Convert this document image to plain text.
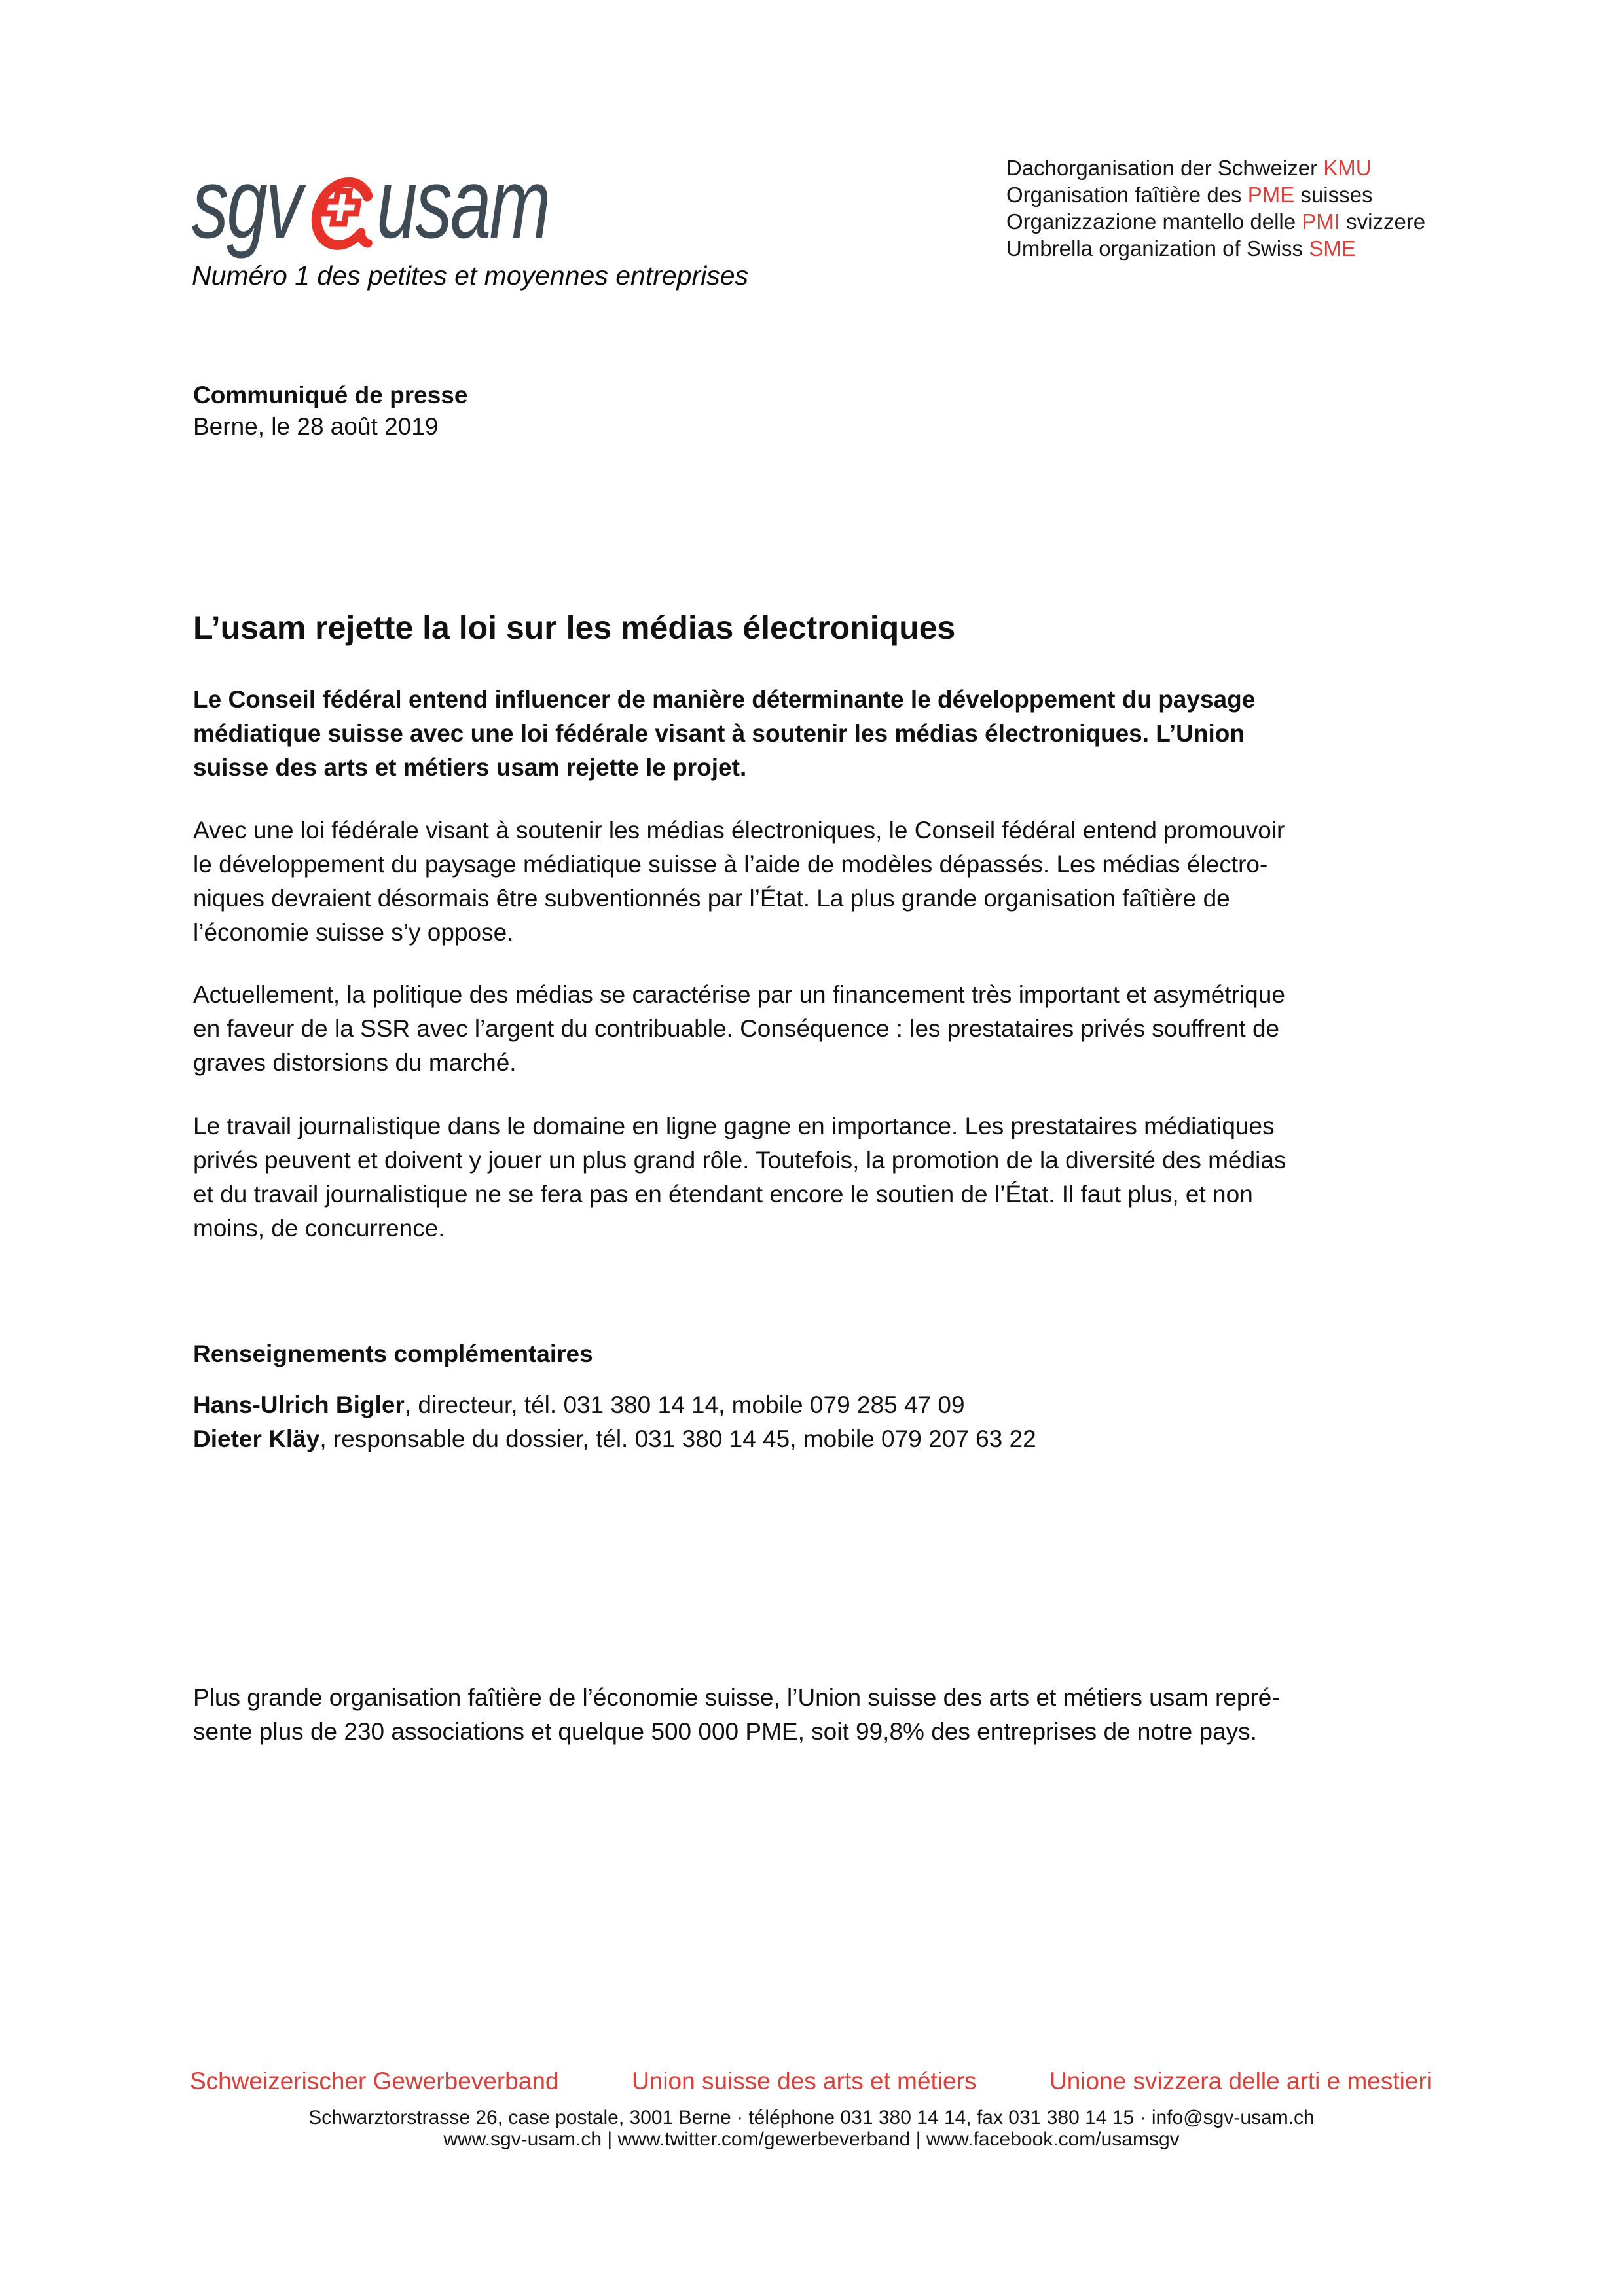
sgv usam
Numéro 1 des petites et moyennes entreprises
Dachorganisation der Schweizer KMU
Organisation faîtière des PME suisses
Organizzazione mantello delle PMI svizzere
Umbrella organization of Swiss SME
Communiqué de presse
Berne, le 28 août 2019
L’usam rejette la loi sur les médias électroniques
Le Conseil fédéral entend influencer de manière déterminante le développement du paysage
médiatique suisse avec une loi fédérale visant à soutenir les médias électroniques. L’Union
suisse des arts et métiers usam rejette le projet.
Avec une loi fédérale visant à soutenir les médias électroniques, le Conseil fédéral entend promouvoir
le développement du paysage médiatique suisse à l’aide de modèles dépassés. Les médias électro-
niques devraient désormais être subventionnés par l’État. La plus grande organisation faîtière de
l’économie suisse s’y oppose.
Actuellement, la politique des médias se caractérise par un financement très important et asymétrique
en faveur de la SSR avec l’argent du contribuable. Conséquence : les prestataires privés souffrent de
graves distorsions du marché.
Le travail journalistique dans le domaine en ligne gagne en importance. Les prestataires médiatiques
privés peuvent et doivent y jouer un plus grand rôle. Toutefois, la promotion de la diversité des médias
et du travail journalistique ne se fera pas en étendant encore le soutien de l’État. Il faut plus, et non
moins, de concurrence.
Renseignements complémentaires
Hans-Ulrich Bigler, directeur, tél. 031 380 14 14, mobile 079 285 47 09
Dieter Kläy, responsable du dossier, tél. 031 380 14 45, mobile 079 207 63 22
Plus grande organisation faîtière de l’économie suisse, l’Union suisse des arts et métiers usam repré-
sente plus de 230 associations et quelque 500 000 PME, soit 99,8% des entreprises de notre pays.
Schweizerischer Gewerbeverband	Union suisse des arts et métiers	Unione svizzera delle arti e mestieri
Schwarztorstrasse 26, case postale, 3001 Berne · téléphone 031 380 14 14, fax 031 380 14 15 · info@sgv-usam.ch
www.sgv-usam.ch | www.twitter.com/gewerbeverband | www.facebook.com/usamsgv
